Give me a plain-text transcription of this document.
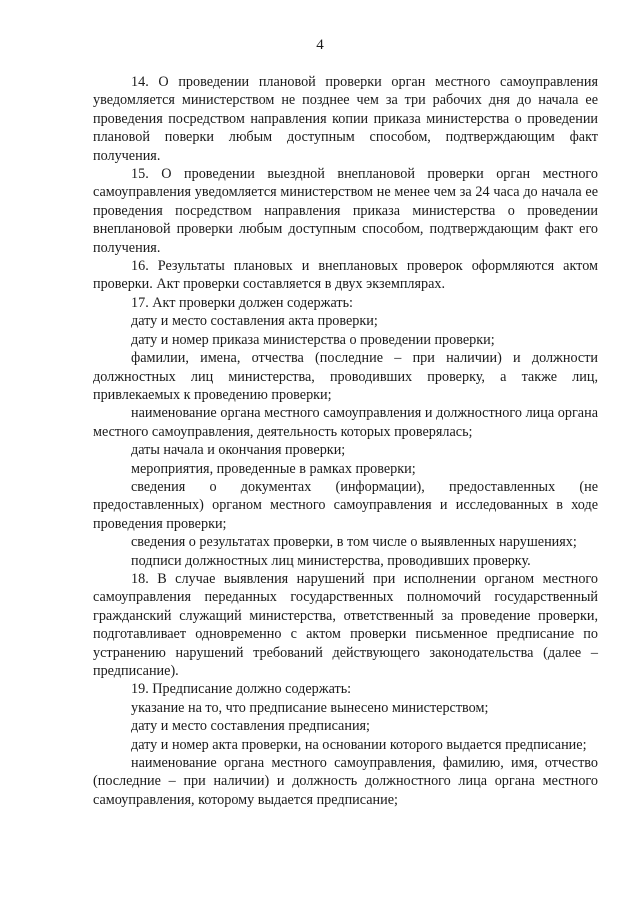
4

14. О проведении плановой проверки орган местного самоуправления уведомляется министерством не позднее чем за три рабочих дня до начала ее проведения посредством направления копии приказа министерства о проведении плановой поверки любым доступным способом, подтверждающим факт получения.

15. О проведении выездной внеплановой проверки орган местного самоуправления уведомляется министерством не менее чем за 24 часа до начала ее проведения посредством направления приказа министерства о проведении внеплановой проверки любым доступным способом, подтверждающим факт его получения.

16. Результаты плановых и внеплановых проверок оформляются актом проверки. Акт проверки составляется в двух экземплярах.

17. Акт проверки должен содержать:

дату и место составления акта проверки;

дату и номер приказа министерства о проведении проверки;

фамилии, имена, отчества (последние – при наличии) и должности должностных лиц министерства, проводивших проверку, а также лиц, привлекаемых к проведению проверки;

наименование органа местного самоуправления и должностного лица органа местного самоуправления, деятельность которых проверялась;

даты начала и окончания проверки;

мероприятия, проведенные в рамках проверки;

сведения о документах (информации), предоставленных (не предоставленных) органом местного самоуправления и исследованных в ходе проведения проверки;

сведения о результатах проверки, в том числе о выявленных нарушениях;

подписи должностных лиц министерства, проводивших проверку.

18. В случае выявления нарушений при исполнении органом местного самоуправления переданных государственных полномочий государственный гражданский служащий министерства, ответственный за проведение проверки, подготавливает одновременно с актом проверки письменное предписание по устранению нарушений требований действующего законодательства (далее – предписание).

19. Предписание должно содержать:

указание на то, что предписание вынесено министерством;

дату и место составления предписания;

дату и номер акта проверки, на основании которого выдается предписание;

наименование органа местного самоуправления, фамилию, имя, отчество (последние – при наличии) и должность должностного лица органа местного самоуправления, которому выдается предписание;
